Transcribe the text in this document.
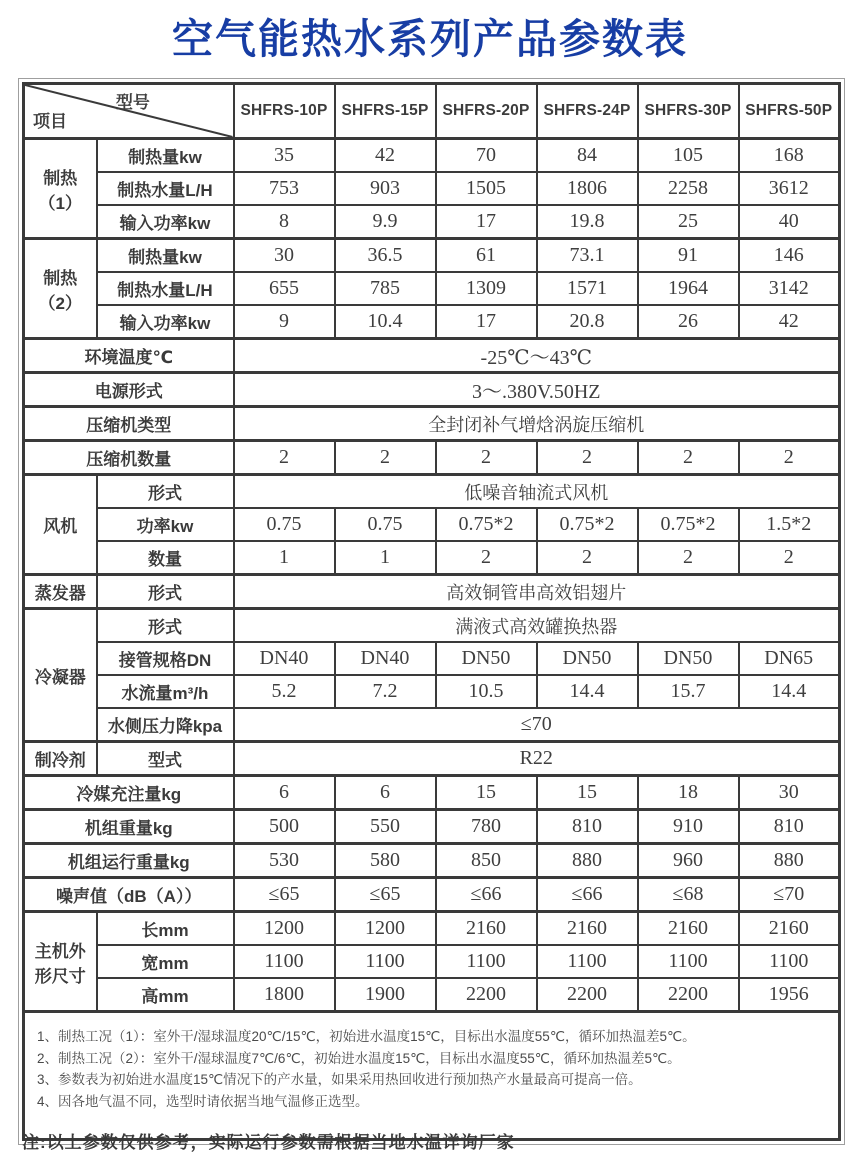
空气能热水系列产品参数表
型号
项目		SHFRS-10P	SHFRS-15P	SHFRS-20P	SHFRS-24P	SHFRS-30P	SHFRS-50P
制热（1）	制热量kw	35	42	70	84	105	168
	制热水量L/H	753	903	1505	1806	2258	3612
	输入功率kw	8	9.9	17	19.8	25	40
制热（2）	制热量kw	30	36.5	61	73.1	91	146
	制热水量L/H	655	785	1309	1571	1964	3142
	输入功率kw	9	10.4	17	20.8	26	42
环境温度℃		-25℃～43℃					
电源形式		3～.380V.50HZ					
压缩机类型		全封闭补气增焓涡旋压缩机					
压缩机数量		2	2	2	2	2	2
风机	形式	低噪音轴流式风机					
	功率kw	0.75	0.75	0.75*2	0.75*2	0.75*2	1.5*2
	数量	1	1	2	2	2	2
蒸发器	形式	高效铜管串高效铝翅片					
冷凝器	形式	满液式高效罐换热器					
	接管规格DN	DN40	DN40	DN50	DN50	DN50	DN65
	水流量m³/h	5.2	7.2	10.5	14.4	15.7	14.4
	水侧压力降kpa	≤70					
制冷剂	型式	R22					
冷媒充注量kg		6	6	15	15	18	30
机组重量kg		500	550	780	810	910	810
机组运行重量kg		530	580	850	880	960	880
噪声值（dB（A））		≤65	≤65	≤66	≤66	≤68	≤70
主机外形尺寸	长mm	1200	1200	2160	2160	2160	2160
	宽mm	1100	1100	1100	1100	1100	1100
	高mm	1800	1900	2200	2200	2200	1956

1、制热工况（1）：室外干/湿球温度20℃/15℃，初始进水温度15℃，目标出水温度55℃，循环加热温差5℃。
2、制热工况（2）：室外干/湿球温度7℃/6℃，初始进水温度15℃，目标出水温度55℃，循环加热温差5℃。
3、参数表为初始进水温度15℃情况下的产水量，如果采用热回收进行预加热产水量最高可提高一倍。
4、因各地气温不同，选型时请依据当地气温修正选型。							
注:以上参数仅供参考，实际运行参数需根据当地水温详询厂家
